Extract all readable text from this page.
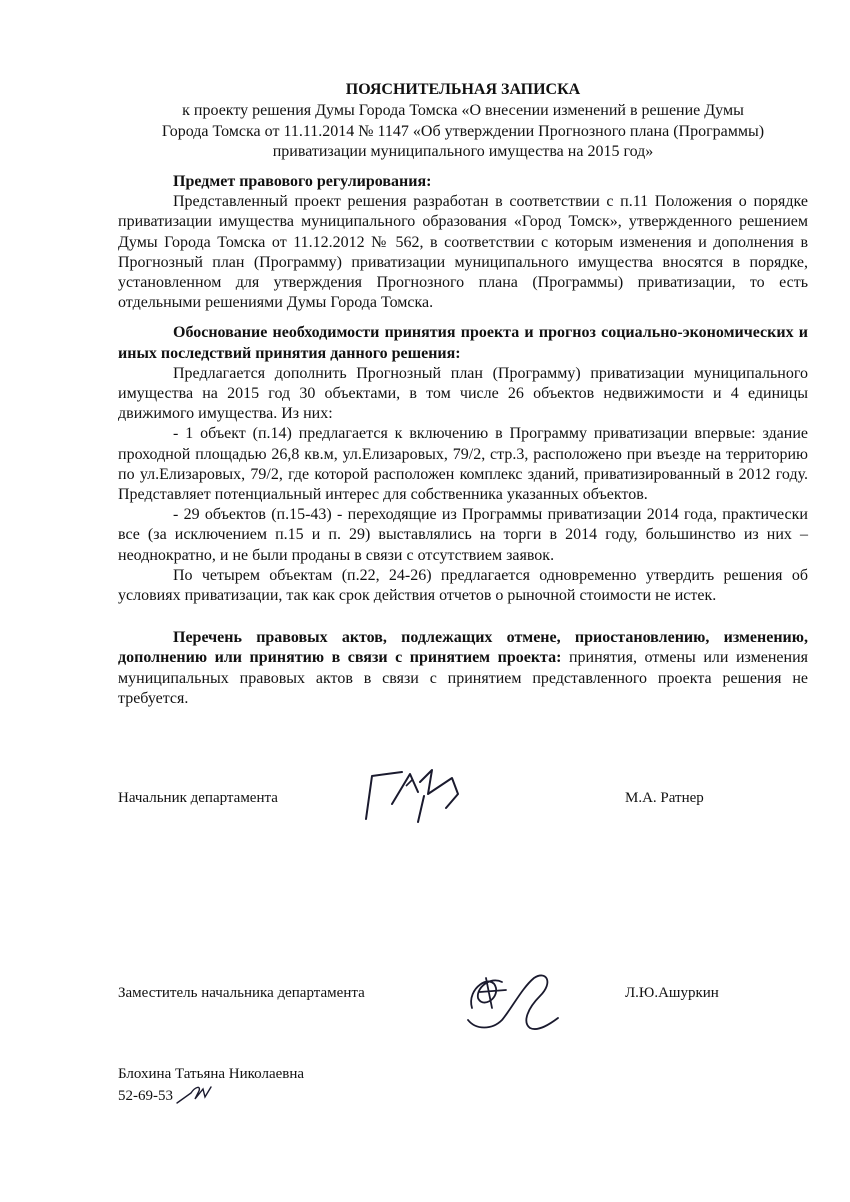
ПОЯСНИТЕЛЬНАЯ ЗАПИСКА
к проекту решения Думы Города Томска «О внесении изменений в решение Думы
Города Томска от 11.11.2014 № 1147 «Об утверждении Прогнозного плана (Программы)
приватизации муниципального имущества на 2015 год»

Предмет правового регулирования:

Представленный проект решения разработан в соответствии с п.11 Положения о порядке приватизации имущества муниципального образования «Город Томск», утвержденного решением Думы Города Томска от 11.12.2012 № 562, в соответствии с которым изменения и дополнения в Прогнозный план (Программу) приватизации муниципального имущества вносятся в порядке, установленном для утверждения Прогнозного плана (Программы) приватизации, то есть отдельными решениями Думы Города Томска.

Обоснование необходимости принятия проекта и прогноз социально-экономических и иных последствий принятия данного решения:

Предлагается дополнить Прогнозный план (Программу) приватизации муниципального имущества на 2015 год 30 объектами, в том числе 26 объектов недвижимости и 4 единицы движимого имущества. Из них:

- 1 объект (п.14) предлагается к включению в Программу приватизации впервые: здание проходной площадью 26,8 кв.м, ул.Елизаровых, 79/2, стр.3, расположено при въезде на территорию по ул.Елизаровых, 79/2, где которой расположен комплекс зданий, приватизированный в 2012 году. Представляет потенциальный интерес для собственника указанных объектов.

- 29 объектов (п.15-43) - переходящие из Программы приватизации 2014 года, практически все (за исключением п.15 и п. 29) выставлялись на торги в 2014 году, большинство из них – неоднократно, и не были проданы в связи с отсутствием заявок.

По четырем объектам (п.22, 24-26) предлагается одновременно утвердить решения об условиях приватизации, так как срок действия отчетов о рыночной стоимости не истек.

Перечень правовых актов, подлежащих отмене, приостановлению, изменению, дополнению или принятию в связи с принятием проекта: принятия, отмены или изменения муниципальных правовых актов в связи с принятием представленного проекта решения не требуется.

Начальник департамента	М.А. Ратнер
Заместитель начальника департамента	Л.Ю.Ашуркин
Блохина Татьяна Николаевна
52-69-53
